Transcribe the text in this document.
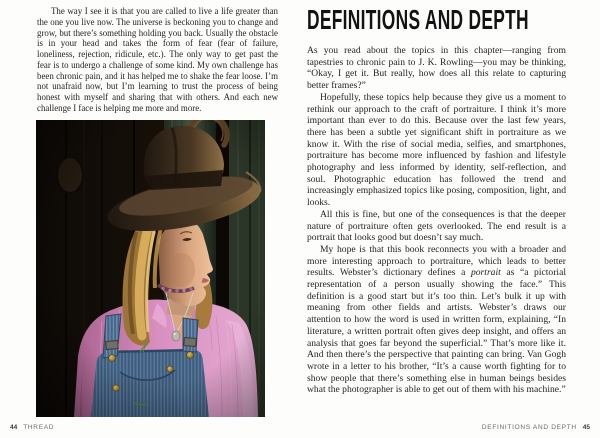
The way I see it is that you are called to live a life greater than the one you live now. The universe is beckoning you to change and grow, but there’s something holding you back. Usually the obstacle is in your head and takes the form of fear (fear of failure, loneliness, rejection, ridicule, etc.). The only way to get past the fear is to undergo a challenge of some kind. My own challenge has been chronic pain, and it has helped me to shake the fear loose. I’m not unafraid now, but I’m learning to trust the process of being honest with myself and sharing that with others. And each new challenge I face is helping me more and more.

44 THREAD
DEFINITIONS AND DEPTH

As you read about the topics in this chapter—ranging from tapestries to chronic pain to J. K. Rowling—you may be thinking, “Okay, I get it. But really, how does all this relate to capturing better frames?”

Hopefully, these topics help because they give us a moment to rethink our approach to the craft of portraiture. I think it’s more important than ever to do this. Because over the last few years, there has been a subtle yet significant shift in portraiture as we know it. With the rise of social media, selfies, and smartphones, portraiture has become more influenced by fashion and lifestyle photography and less informed by identity, self-reflection, and soul. Photographic education has followed the trend and increasingly emphasized topics like posing, composition, light, and looks.

All this is fine, but one of the consequences is that the deeper nature of portraiture often gets overlooked. The end result is a portrait that looks good but doesn’t say much.

My hope is that this book reconnects you with a broader and more interesting approach to portraiture, which leads to better results. Webster’s dictionary defines a portrait as “a pictorial representation of a person usually showing the face.” This definition is a good start but it’s too thin. Let’s bulk it up with meaning from other fields and artists. Webster’s draws our attention to how the word is used in written form, explaining, “In literature, a written portrait often gives deep insight, and offers an analysis that goes far beyond the superficial.” That’s more like it. And then there’s the perspective that painting can bring. Van Gogh wrote in a letter to his brother, “It’s a cause worth fighting for to show people that there’s something else in human beings besides what the photographer is able to get out of them with his machine.”

DEFINITIONS AND DEPTH 45
